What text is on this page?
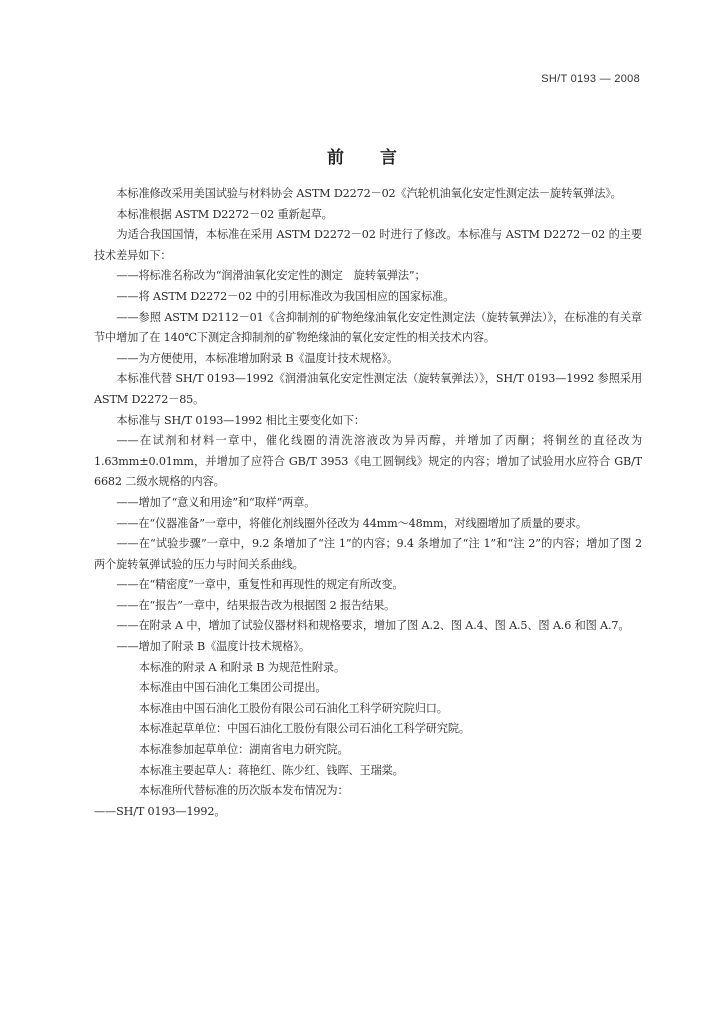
SH/T 0193 — 2008
前言

本标准修改采用美国试验与材料协会 ASTM D2272－02《汽轮机油氧化安定性测定法－旋转氧弹法》。

本标准根据 ASTM D2272－02 重新起草。

为适合我国国情，本标准在采用 ASTM D2272－02 时进行了修改。本标准与 ASTM D2272－02 的主要技术差异如下：

——将标准名称改为“润滑油氧化安定性的测定　旋转氧弹法”；

——将 ASTM D2272－02 中的引用标准改为我国相应的国家标准。

——参照 ASTM D2112－01《含抑制剂的矿物绝缘油氧化安定性测定法（旋转氧弹法）》，在标准的有关章节中增加了在 140℃下测定含抑制剂的矿物绝缘油的氧化安定性的相关技术内容。

——为方便使用，本标准增加附录 B《温度计技术规格》。

本标准代替 SH/T 0193—1992《润滑油氧化安定性测定法（旋转氧弹法）》，SH/T 0193—1992 参照采用 ASTM D2272－85。

本标准与 SH/T 0193—1992 相比主要变化如下：

——在试剂和材料一章中，催化线圈的清洗溶液改为异丙醇，并增加了丙酮；将铜丝的直径改为 1.63mm±0.01mm，并增加了应符合 GB/T 3953《电工圆铜线》规定的内容；增加了试验用水应符合 GB/T 6682 二级水规格的内容。

——增加了“意义和用途”和“取样”两章。

——在“仪器准备”一章中，将催化剂线圈外径改为 44mm～48mm，对线圈增加了质量的要求。

——在“试验步骤”一章中，9.2 条增加了“注 1”的内容；9.4 条增加了“注 1”和“注 2”的内容；增加了图 2 两个旋转氧弹试验的压力与时间关系曲线。

——在“精密度”一章中，重复性和再现性的规定有所改变。

——在“报告”一章中，结果报告改为根据图 2 报告结果。

——在附录 A 中，增加了试验仪器材料和规格要求，增加了图 A.2、图 A.4、图 A.5、图 A.6 和图 A.7。

——增加了附录 B《温度计技术规格》。

本标准的附录 A 和附录 B 为规范性附录。

本标准由中国石油化工集团公司提出。

本标准由中国石油化工股份有限公司石油化工科学研究院归口。

本标准起草单位：中国石油化工股份有限公司石油化工科学研究院。

本标准参加起草单位：湖南省电力研究院。

本标准主要起草人：蒋艳红、陈少红、钱晖、王瑞棠。

本标准所代替标准的历次版本发布情况为：

——SH/T 0193—1992。
